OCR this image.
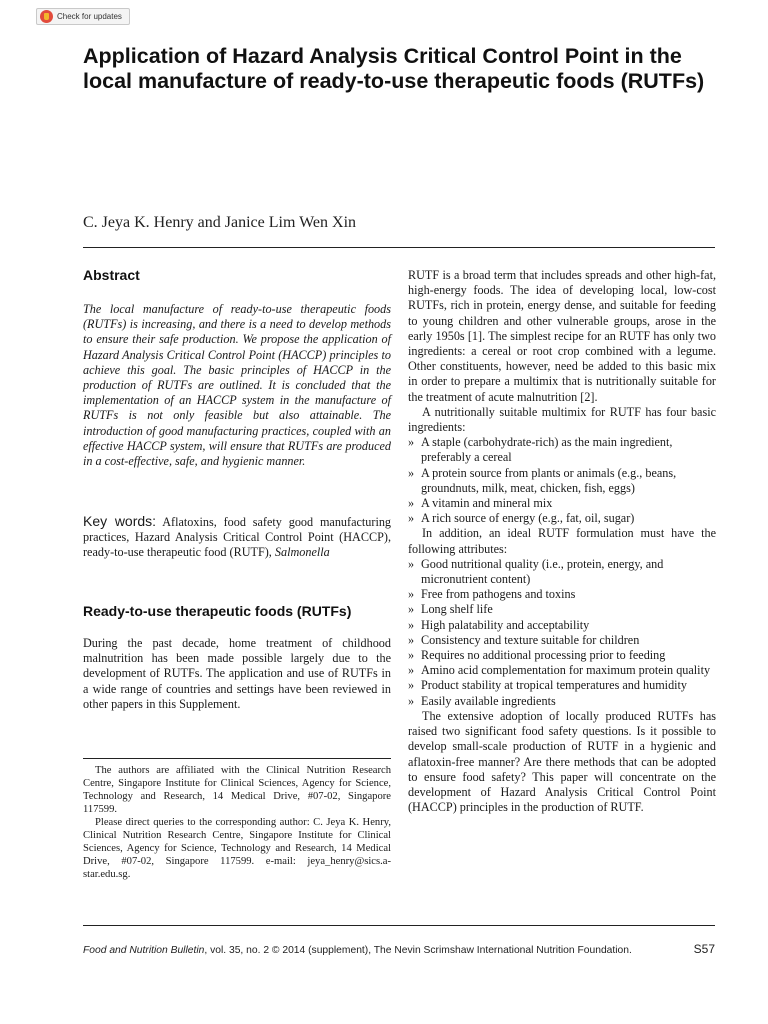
Check for updates
Application of Hazard Analysis Critical Control Point in the local manufacture of ready-to-use therapeutic foods (RUTFs)
C. Jeya K. Henry and Janice Lim Wen Xin
Abstract

The local manufacture of ready-to-use therapeutic foods (RUTFs) is increasing, and there is a need to develop methods to ensure their safe production. We propose the application of Hazard Analysis Critical Control Point (HACCP) principles to achieve this goal. The basic principles of HACCP in the production of RUTFs are outlined. It is concluded that the implementation of an HACCP system in the manufacture of RUTFs is not only feasible but also attainable. The introduction of good manufacturing practices, coupled with an effective HACCP system, will ensure that RUTFs are produced in a cost-effective, safe, and hygienic manner.

Key words: Aflatoxins, food safety good manufacturing practices, Hazard Analysis Critical Control Point (HACCP), ready-to-use therapeutic food (RUTF), Salmonella

Ready-to-use therapeutic foods (RUTFs)

During the past decade, home treatment of childhood malnutrition has been made possible largely due to the development of RUTFs. The application and use of RUTFs in a wide range of countries and settings have been reviewed in other papers in this Supplement.

The authors are affiliated with the Clinical Nutrition Research Centre, Singapore Institute for Clinical Sciences, Agency for Science, Technology and Research, 14 Medical Drive, #07-02, Singapore 117599.

Please direct queries to the corresponding author: C. Jeya K. Henry, Clinical Nutrition Research Centre, Singapore Institute for Clinical Sciences, Agency for Science, Technology and Research, 14 Medical Drive, #07-02, Singapore 117599. e-mail: jeya_henry@sics.a-star.edu.sg.

RUTF is a broad term that includes spreads and other high-fat, high-energy foods. The idea of developing local, low-cost RUTFs, rich in protein, energy dense, and suitable for feeding to young children and other vulnerable groups, arose in the early 1950s [1]. The simplest recipe for an RUTF has only two ingredients: a cereal or root crop combined with a legume. Other constituents, however, need be added to this basic mix in order to prepare a multimix that is nutritionally suitable for the treatment of acute malnutrition [2].

A nutritionally suitable multimix for RUTF has four basic ingredients:

» A staple (carbohydrate-rich) as the main ingredient, preferably a cereal
» A protein source from plants or animals (e.g., beans, groundnuts, milk, meat, chicken, fish, eggs)
» A vitamin and mineral mix
» A rich source of energy (e.g., fat, oil, sugar)

In addition, an ideal RUTF formulation must have the following attributes:

» Good nutritional quality (i.e., protein, energy, and micronutrient content)
» Free from pathogens and toxins
» Long shelf life
» High palatability and acceptability
» Consistency and texture suitable for children
» Requires no additional processing prior to feeding
» Amino acid complementation for maximum protein quality
» Product stability at tropical temperatures and humidity
» Easily available ingredients

The extensive adoption of locally produced RUTFs has raised two significant food safety questions. Is it possible to develop small-scale production of RUTF in a hygienic and aflatoxin-free manner? Are there methods that can be adopted to ensure food safety? This paper will concentrate on the development of Hazard Analysis Critical Control Point (HACCP) principles in the production of RUTF.

Food and Nutrition Bulletin, vol. 35, no. 2 © 2014 (supplement), The Nevin Scrimshaw International Nutrition Foundation.	S57
